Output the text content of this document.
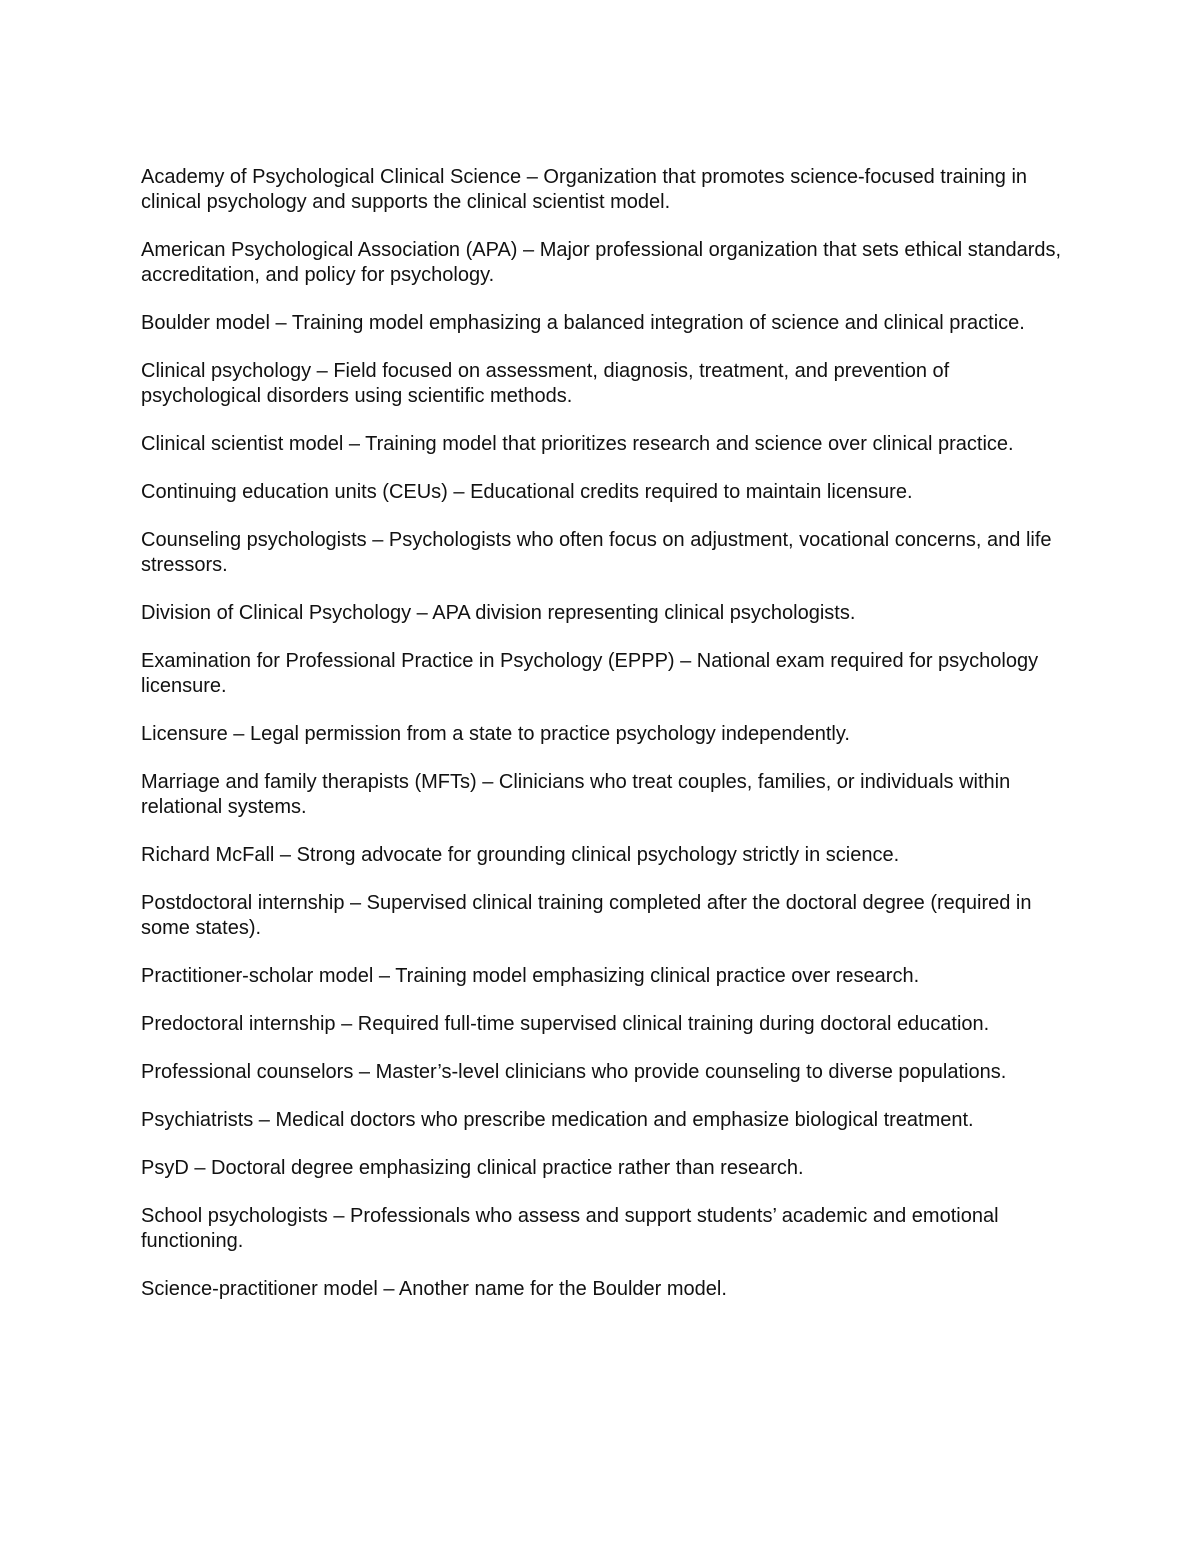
Academy of Psychological Clinical Science – Organization that promotes science-focused training in clinical psychology and supports the clinical scientist model.

American Psychological Association (APA) – Major professional organization that sets ethical standards, accreditation, and policy for psychology.

Boulder model – Training model emphasizing a balanced integration of science and clinical practice.

Clinical psychology – Field focused on assessment, diagnosis, treatment, and prevention of psychological disorders using scientific methods.

Clinical scientist model – Training model that prioritizes research and science over clinical practice.

Continuing education units (CEUs) – Educational credits required to maintain licensure.

Counseling psychologists – Psychologists who often focus on adjustment, vocational concerns, and life stressors.

Division of Clinical Psychology – APA division representing clinical psychologists.

Examination for Professional Practice in Psychology (EPPP) – National exam required for psychology licensure.

Licensure – Legal permission from a state to practice psychology independently.

Marriage and family therapists (MFTs) – Clinicians who treat couples, families, or individuals within relational systems.

Richard McFall – Strong advocate for grounding clinical psychology strictly in science.

Postdoctoral internship – Supervised clinical training completed after the doctoral degree (required in some states).

Practitioner-scholar model – Training model emphasizing clinical practice over research.

Predoctoral internship – Required full-time supervised clinical training during doctoral education.

Professional counselors – Master’s-level clinicians who provide counseling to diverse populations.

Psychiatrists – Medical doctors who prescribe medication and emphasize biological treatment.

PsyD – Doctoral degree emphasizing clinical practice rather than research.

School psychologists – Professionals who assess and support students’ academic and emotional functioning.

Science-practitioner model – Another name for the Boulder model.
